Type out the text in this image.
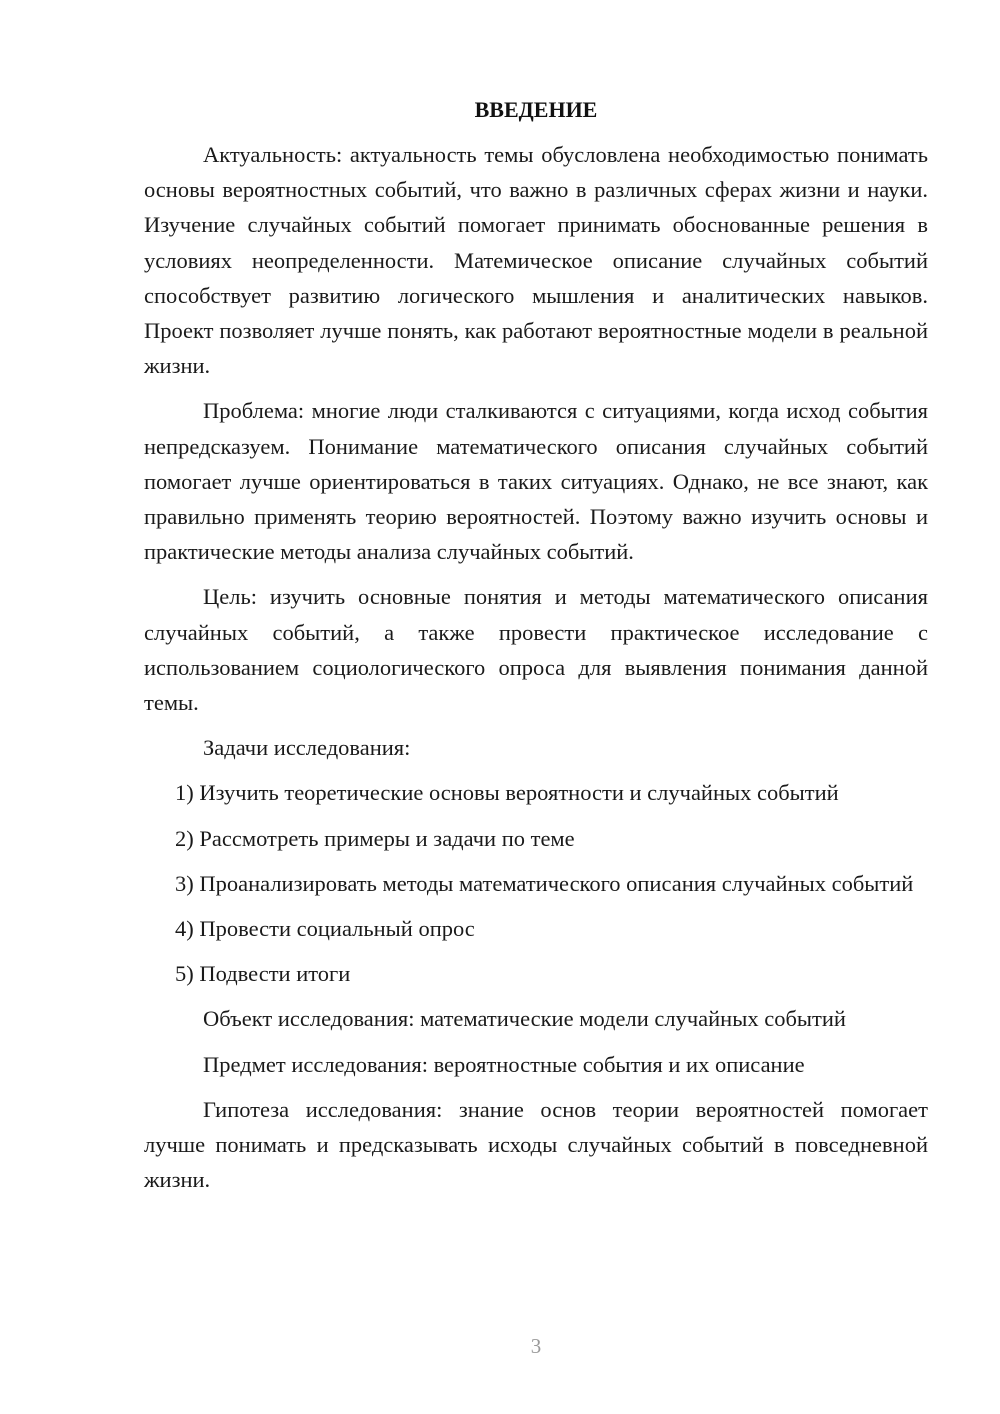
ВВЕДЕНИЕ

Актуальность: актуальность темы обусловлена необходимостью понимать основы вероятностных событий, что важно в различных сферах жизни и науки. Изучение случайных событий помогает принимать обоснованные решения в условиях неопределенности. Матемическое описание случайных событий способствует развитию логического мышления и аналитических навыков. Проект позволяет лучше понять, как работают вероятностные модели в реальной жизни.

Проблема: многие люди сталкиваются с ситуациями, когда исход события непредсказуем. Понимание математического описания случайных событий помогает лучше ориентироваться в таких ситуациях. Однако, не все знают, как правильно применять теорию вероятностей. Поэтому важно изучить основы и практические методы анализа случайных событий.

Цель: изучить основные понятия и методы математического описания случайных событий, а также провести практическое исследование с использованием социологического опроса для выявления понимания данной темы.

Задачи исследования:

1) Изучить теоретические основы вероятности и случайных событий

2) Рассмотреть примеры и задачи по теме

3) Проанализировать методы математического описания случайных событий

4) Провести социальный опрос

5) Подвести итоги

Объект исследования: математические модели случайных событий

Предмет исследования: вероятностные события и их описание

Гипотеза исследования: знание основ теории вероятностей помогает лучше понимать и предсказывать исходы случайных событий в повседневной жизни.

3
